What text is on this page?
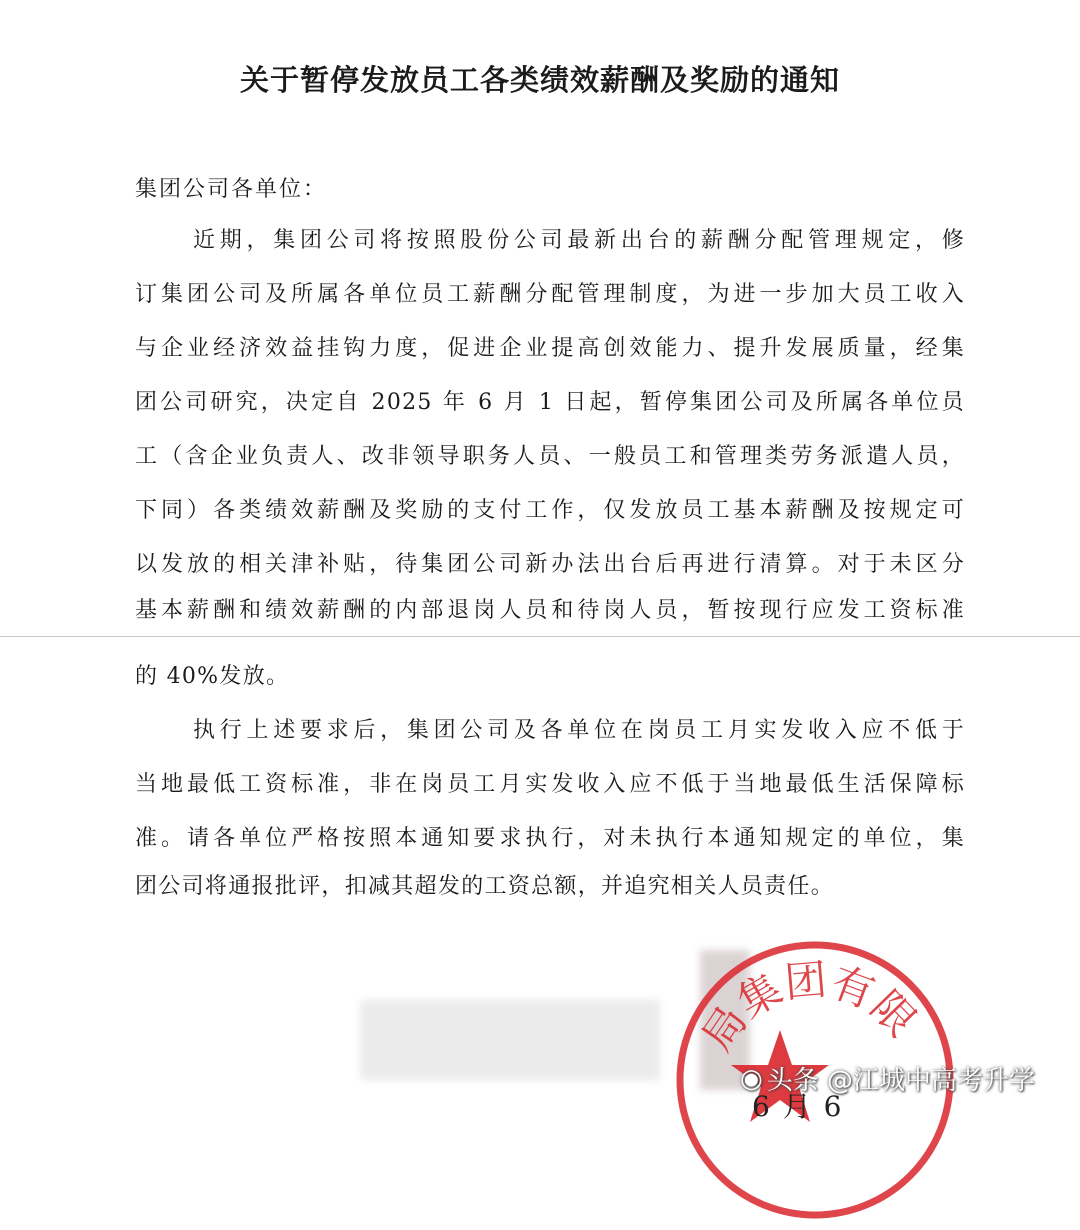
关于暂停发放员工各类绩效薪酬及奖励的通知
集团公司各单位：
近期，集团公司将按照股份公司最新出台的薪酬分配管理规定，修
订集团公司及所属各单位员工薪酬分配管理制度，为进一步加大员工收入
与企业经济效益挂钩力度，促进企业提高创效能力、提升发展质量，经集
团公司研究，决定自 2025 年 6 月 1 日起，暂停集团公司及所属各单位员
工（含企业负责人、改非领导职务人员、一般员工和管理类劳务派遣人员，
下同）各类绩效薪酬及奖励的支付工作，仅发放员工基本薪酬及按规定可
以发放的相关津补贴，待集团公司新办法出台后再进行清算。对于未区分
基本薪酬和绩效薪酬的内部退岗人员和待岗人员，暂按现行应发工资标准
的 40%发放。
执行上述要求后，集团公司及各单位在岗员工月实发收入应不低于
当地最低工资标准，非在岗员工月实发收入应不低于当地最低生活保障标
准。请各单位严格按照本通知要求执行，对未执行本通知规定的单位，集
团公司将通报批评，扣减其超发的工资总额，并追究相关人员责任。
局集团有限
6 月 6
◉ 头条 @江城中高考升学
